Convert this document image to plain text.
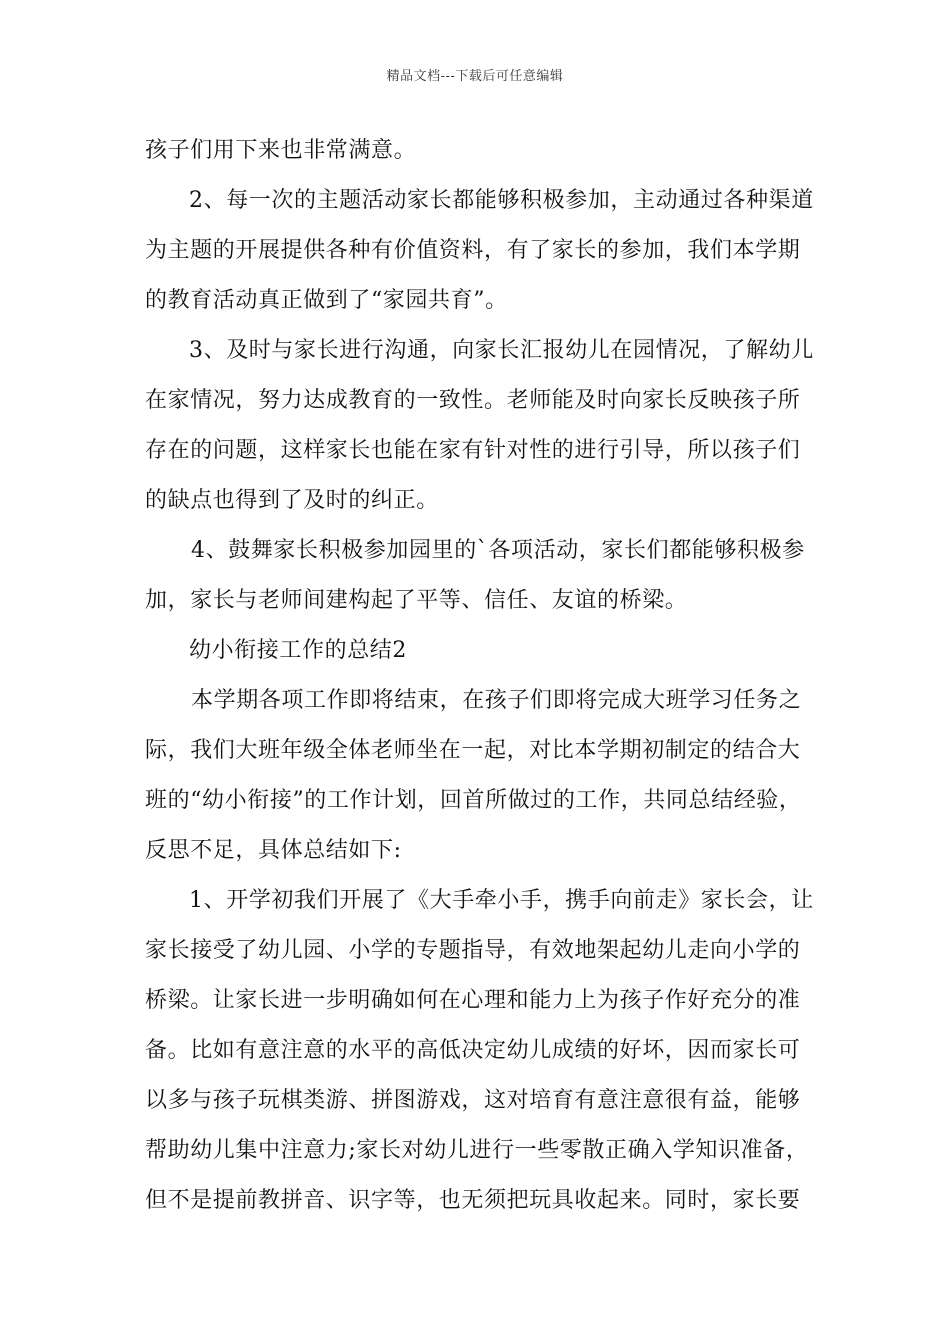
精品文档---下载后可任意编辑
孩子们用下来也非常满意。
2、每一次的主题活动家长都能够积极参加，主动通过各种渠道
为主题的开展提供各种有价值资料，有了家长的参加，我们本学期
的教育活动真正做到了“家园共育”。
3、及时与家长进行沟通，向家长汇报幼儿在园情况，了解幼儿
在家情况，努力达成教育的一致性。老师能及时向家长反映孩子所
存在的问题，这样家长也能在家有针对性的进行引导，所以孩子们
的缺点也得到了及时的纠正。
4、鼓舞家长积极参加园里的`各项活动，家长们都能够积极参
加，家长与老师间建构起了平等、信任、友谊的桥梁。
幼小衔接工作的总结2
本学期各项工作即将结束，在孩子们即将完成大班学习任务之
际，我们大班年级全体老师坐在一起，对比本学期初制定的结合大
班的“幼小衔接”的工作计划，回首所做过的工作，共同总结经验，
反思不足，具体总结如下:
1、开学初我们开展了《大手牵小手，携手向前走》家长会，让
家长接受了幼儿园、小学的专题指导，有效地架起幼儿走向小学的
桥梁。让家长进一步明确如何在心理和能力上为孩子作好充分的准
备。比如有意注意的水平的高低决定幼儿成绩的好坏，因而家长可
以多与孩子玩棋类游、拼图游戏，这对培育有意注意很有益，能够
帮助幼儿集中注意力;家长对幼儿进行一些零散正确入学知识准备，
但不是提前教拼音、识字等，也无须把玩具收起来。同时，家长要
